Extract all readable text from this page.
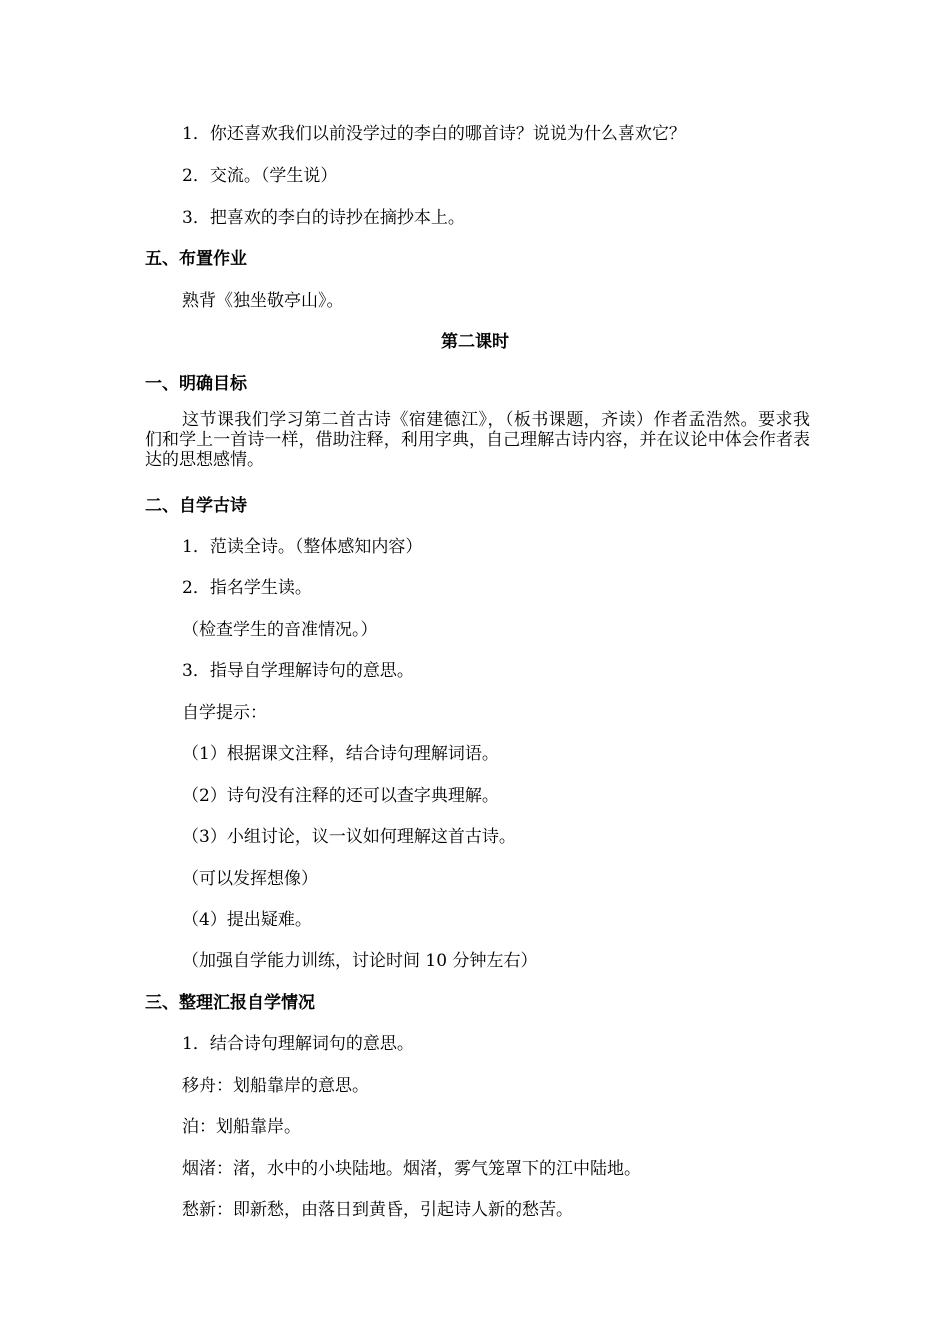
1．你还喜欢我们以前没学过的李白的哪首诗？说说为什么喜欢它？
2．交流。（学生说）
3．把喜欢的李白的诗抄在摘抄本上。
五、布置作业
熟背《独坐敬亭山》。
第二课时
一、明确目标
这节课我们学习第二首古诗《宿建德江》，（板书课题，齐读）作者孟浩然。要求我们和学上一首诗一样，借助注释，利用字典，自己理解古诗内容，并在议论中体会作者表达的思想感情。
二、自学古诗
1．范读全诗。（整体感知内容）
2．指名学生读。
（检查学生的音准情况。）
3．指导自学理解诗句的意思。
自学提示：
（1）根据课文注释，结合诗句理解词语。
（2）诗句没有注释的还可以查字典理解。
（3）小组讨论，议一议如何理解这首古诗。
（可以发挥想像）
（4）提出疑难。
（加强自学能力训练，讨论时间 10 分钟左右）
三、整理汇报自学情况
1．结合诗句理解词句的意思。
移舟：划船靠岸的意思。
泊：划船靠岸。
烟渚：渚，水中的小块陆地。烟渚，雾气笼罩下的江中陆地。
愁新：即新愁，由落日到黄昏，引起诗人新的愁苦。
